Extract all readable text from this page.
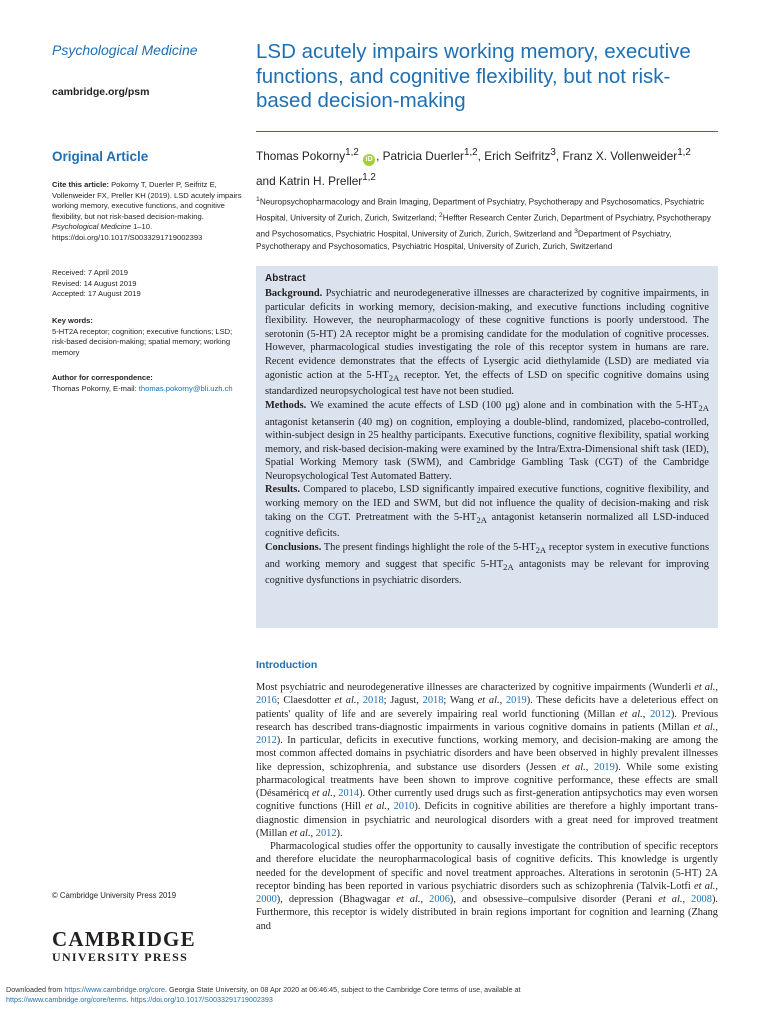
Psychological Medicine
cambridge.org/psm
Original Article
Cite this article: Pokorny T, Duerler P, Seifritz E, Vollenweider FX, Preller KH (2019). LSD acutely impairs working memory, executive functions, and cognitive flexibility, but not risk-based decision-making. Psychological Medicine 1–10. https://doi.org/10.1017/S0033291719002393
Received: 7 April 2019
Revised: 14 August 2019
Accepted: 17 August 2019
Key words:
5-HT2A receptor; cognition; executive functions; LSD; risk-based decision-making; spatial memory; working memory
Author for correspondence:
Thomas Pokorny, E-mail: thomas.pokorny@bli.uzh.ch
© Cambridge University Press 2019
CAMBRIDGE
UNIVERSITY PRESS
LSD acutely impairs working memory, executive functions, and cognitive flexibility, but not risk-based decision-making
Thomas Pokorny$^{1,2}$ iD , Patricia Duerler$^{1,2}$, Erich Seifritz$^3$, Franz X. Vollenweider$^{1,2}$
and Katrin H. Preller$^{1,2}$
$^1$Neuropsychopharmacology and Brain Imaging, Department of Psychiatry, Psychotherapy and Psychosomatics, Psychiatric Hospital, University of Zurich, Zurich, Switzerland; $^2$Heffter Research Center Zurich, Department of Psychiatry, Psychotherapy and Psychosomatics, Psychiatric Hospital, University of Zurich, Zurich, Switzerland and $^3$Department of Psychiatry, Psychotherapy and Psychosomatics, Psychiatric Hospital, University of Zurich, Zurich, Switzerland
Abstract

Background. Psychiatric and neurodegenerative illnesses are characterized by cognitive impairments, in particular deficits in working memory, decision-making, and executive functions including cognitive flexibility. However, the neuropharmacology of these cognitive functions is poorly understood. The serotonin (5-HT) 2A receptor might be a promising candidate for the modulation of cognitive processes. However, pharmacological studies investigating the role of this receptor system in humans are rare. Recent evidence demonstrates that the effects of Lysergic acid diethylamide (LSD) are mediated via agonistic action at the $5-HT_{2A}$ receptor. Yet, the effects of LSD on specific cognitive domains using standardized neuropsychological test have not been studied.

Methods. We examined the acute effects of LSD (100 μg) alone and in combination with the $5-HT_{2A}$ antagonist ketanserin (40 mg) on cognition, employing a double-blind, randomized, placebo-controlled, within-subject design in 25 healthy participants. Executive functions, cognitive flexibility, spatial working memory, and risk-based decision-making were examined by the Intra/Extra-Dimensional shift task (IED), Spatial Working Memory task (SWM), and Cambridge Gambling Task (CGT) of the Cambridge Neuropsychological Test Automated Battery.

Results. Compared to placebo, LSD significantly impaired executive functions, cognitive flexibility, and working memory on the IED and SWM, but did not influence the quality of decision-making and risk taking on the CGT. Pretreatment with the $5-HT_{2A}$ antagonist ketanserin normalized all LSD-induced cognitive deficits.

Conclusions. The present findings highlight the role of the $5-HT_{2A}$ receptor system in executive functions and working memory and suggest that specific $5-HT_{2A}$ antagonists may be relevant for improving cognitive dysfunctions in psychiatric disorders.

Introduction

Most psychiatric and neurodegenerative illnesses are characterized by cognitive impairments (Wunderli et al., 2016; Claesdotter et al., 2018; Jagust, 2018; Wang et al., 2019). These deficits have a deleterious effect on patients' quality of life and are severely impairing real world functioning (Millan et al., 2012). Previous research has described trans-diagnostic impairments in various cognitive domains in patients (Millan et al., 2012). In particular, deficits in executive functions, working memory, and decision-making are among the most common affected domains in psychiatric disorders and have been observed in highly prevalent illnesses like depression, schizophrenia, and substance use disorders (Jessen et al., 2019). While some existing pharmacological treatments have been shown to improve cognitive performance, these effects are small (Désaméricq et al., 2014). Other currently used drugs such as first-generation antipsychotics may even worsen cognitive functions (Hill et al., 2010). Deficits in cognitive abilities are therefore a highly important trans-diagnostic dimension in psychiatric and neurological disorders with a great need for improved treatment (Millan et al., 2012).

Pharmacological studies offer the opportunity to causally investigate the contribution of specific receptors and therefore elucidate the neuropharmacological basis of cognitive deficits. This knowledge is urgently needed for the development of specific and novel treatment approaches. Alterations in serotonin (5-HT) 2A receptor binding has been reported in various psychiatric disorders such as schizophrenia (Talvik-Lotfi et al., 2000), depression (Bhagwagar et al., 2006), and obsessive–compulsive disorder (Perani et al., 2008). Furthermore, this receptor is widely distributed in brain regions important for cognition and learning (Zhang and

Downloaded from https://www.cambridge.org/core. Georgia State University, on 08 Apr 2020 at 06:46:45, subject to the Cambridge Core terms of use, available at
https://www.cambridge.org/core/terms. https://doi.org/10.1017/S0033291719002393
